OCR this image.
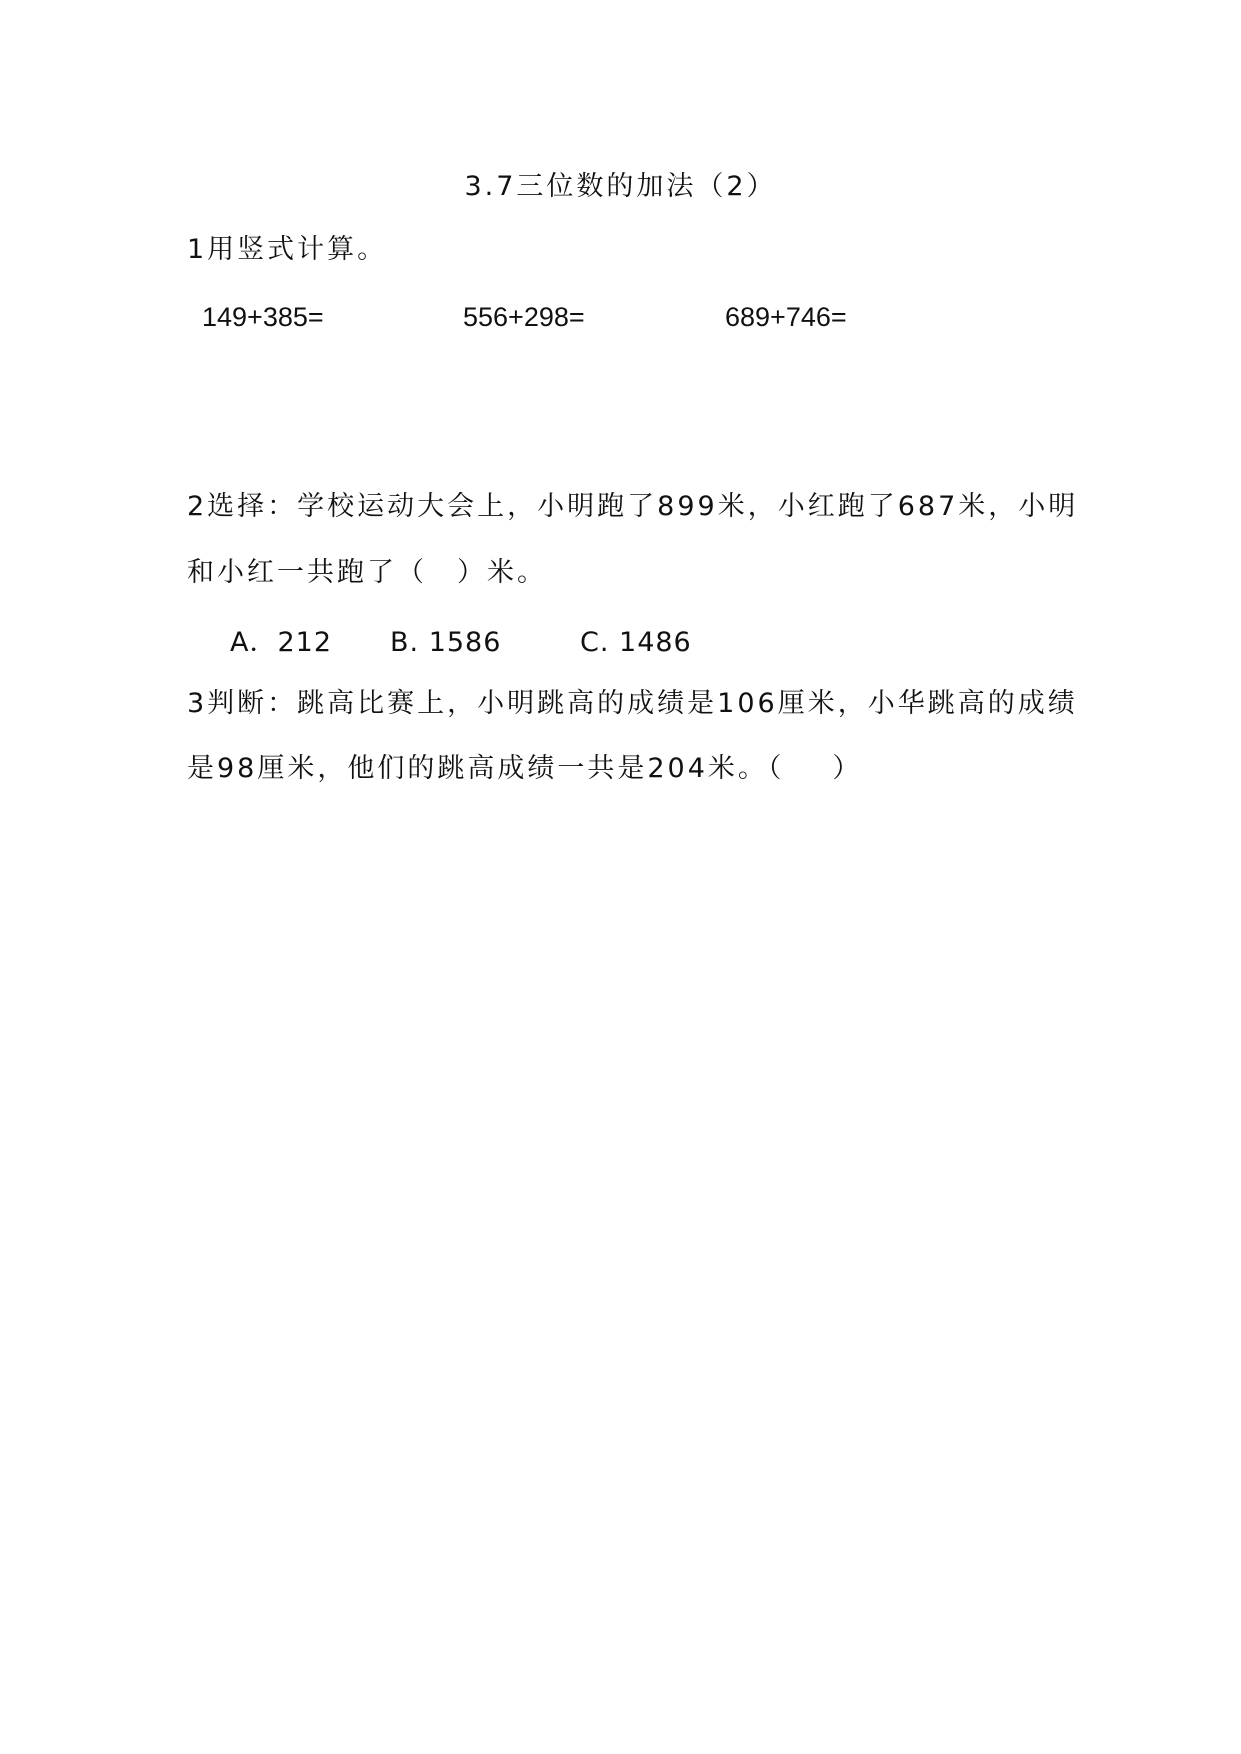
3.7三位数的加法（2）
1用竖式计算。
149+385=	556+298=	689+746=
2选择：学校运动大会上，小明跑了899米，小红跑了687米，小明
和小红一共跑了（　）米。
A．212 B. 1586	C. 1486
3判断：跳高比赛上，小明跳高的成绩是106厘米，小华跳高的成绩
是98厘米，他们的跳高成绩一共是204米。（ ）
